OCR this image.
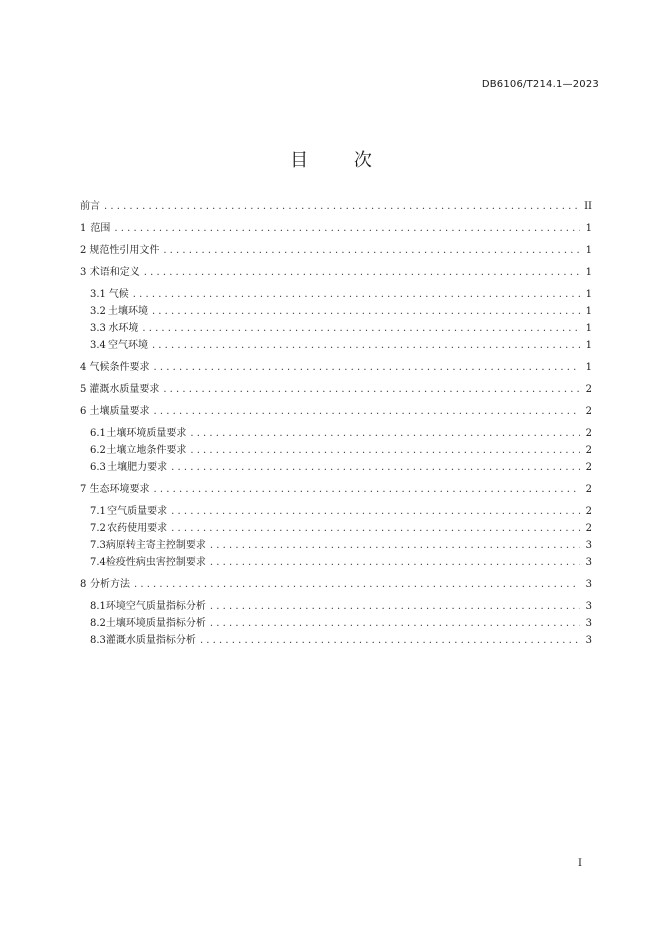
DB6106/T214.1—2023
目 次
前言 . . .	II
1 范围 . . .	1
2 规范性引用文件 . . .	1
3 术语和定义 . . .	1
3.1 气候 . . .	1
3.2 土壤环境 . . .	1
3.3 水环境 . . .	1
3.4 空气环境 . . .	1
4 气候条件要求 . . .	1
5 灌溉水质量要求 . . .	2
6 土壤质量要求 . . .	2
6.1 土壤环境质量要求 . . .	2
6.2 土壤立地条件要求 . . .	2
6.3 土壤肥力要求 . . .	2
7 生态环境要求 . . .	2
7.1 空气质量要求 . . .	2
7.2 农药使用要求 . . .	2
7.3 病原转主寄主控制要求 . . .	3
7.4 检疫性病虫害控制要求 . . .	3
8 分析方法 . . .	3
8.1 环境空气质量指标分析 . . .	3
8.2 土壤环境质量指标分析 . . .	3
8.3 灌溉水质量指标分析 . . .	3
I
